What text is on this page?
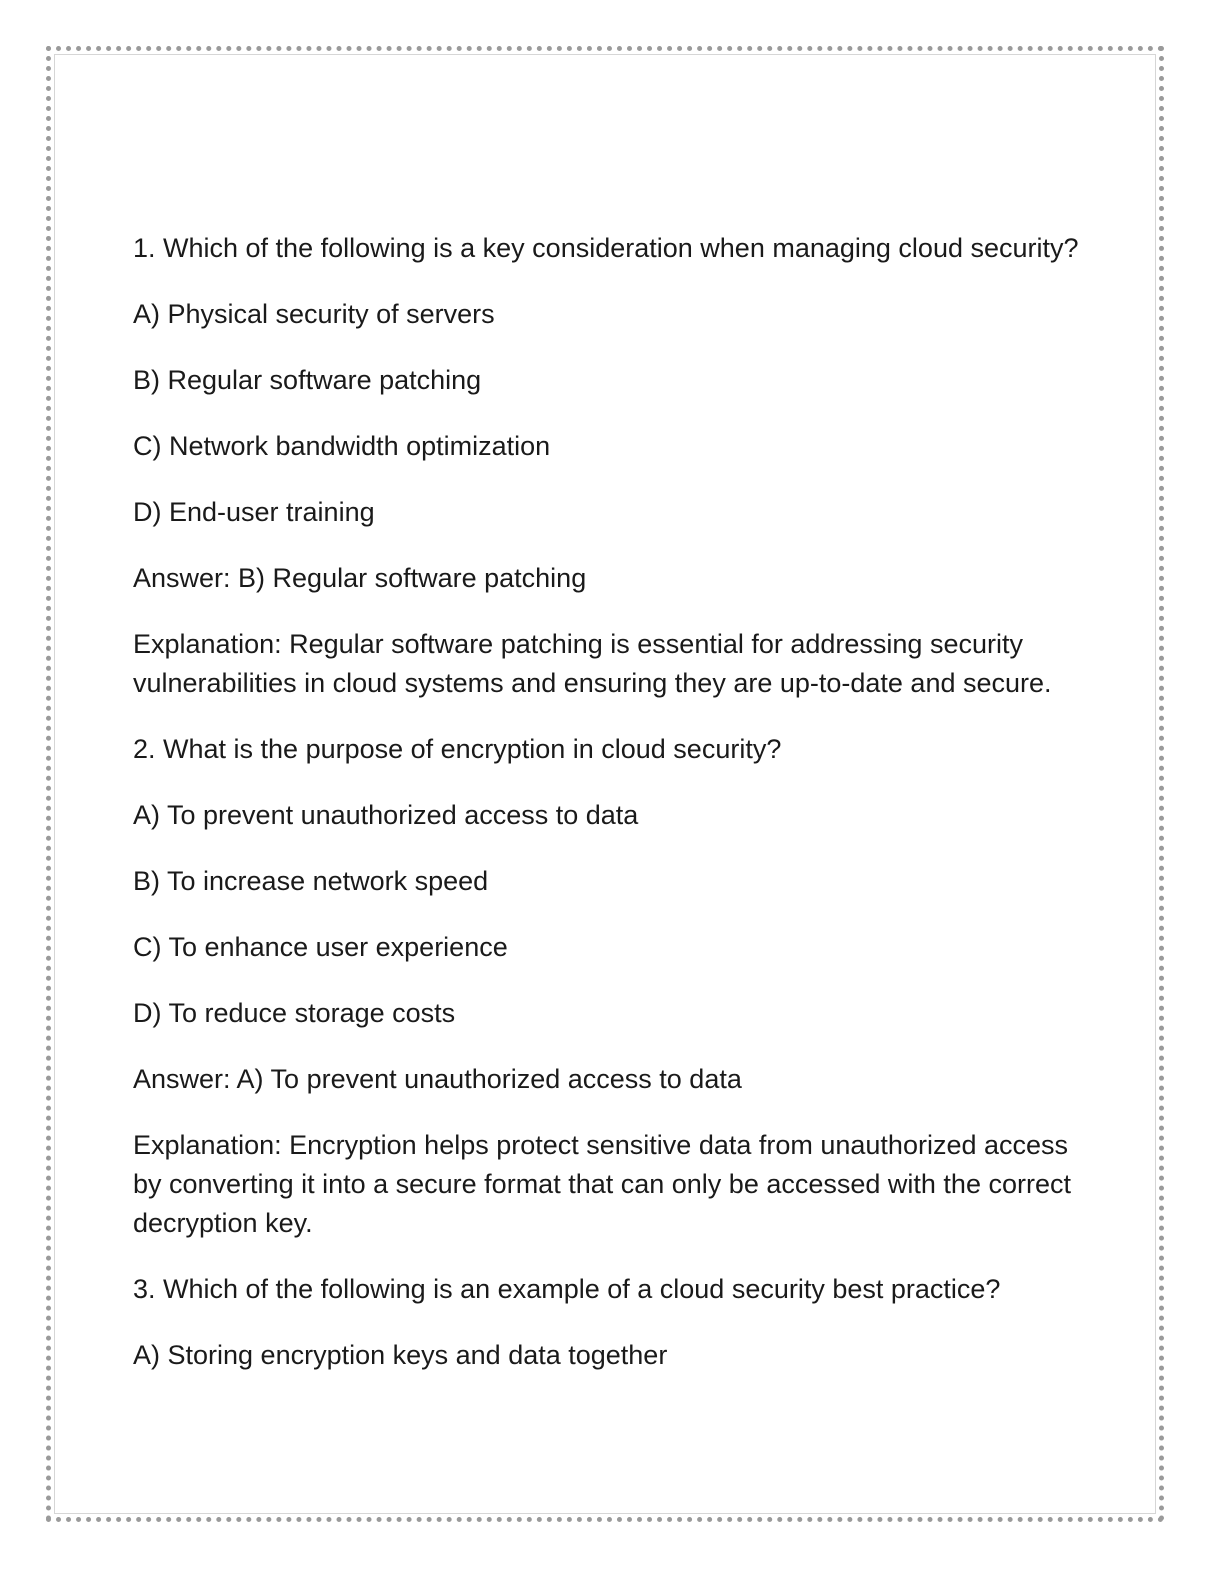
1. Which of the following is a key consideration when managing cloud security?

A) Physical security of servers

B) Regular software patching

C) Network bandwidth optimization

D) End-user training

Answer: B) Regular software patching

Explanation: Regular software patching is essential for addressing security vulnerabilities in cloud systems and ensuring they are up-to-date and secure.

2. What is the purpose of encryption in cloud security?

A) To prevent unauthorized access to data

B) To increase network speed

C) To enhance user experience

D) To reduce storage costs

Answer: A) To prevent unauthorized access to data

Explanation: Encryption helps protect sensitive data from unauthorized access by converting it into a secure format that can only be accessed with the correct decryption key.

3. Which of the following is an example of a cloud security best practice?

A) Storing encryption keys and data together
